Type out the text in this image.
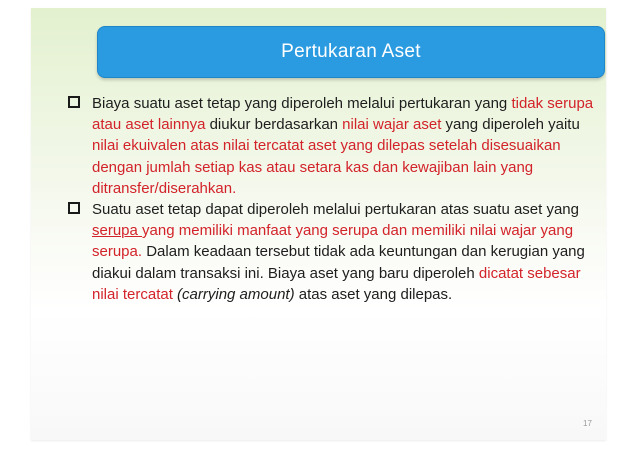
Pertukaran Aset
Biaya suatu aset tetap yang diperoleh melalui pertukaran yang tidak serupa atau aset lainnya diukur berdasarkan nilai wajar aset yang diperoleh yaitu nilai ekuivalen atas nilai tercatat aset yang dilepas setelah disesuaikan dengan jumlah setiap kas atau setara kas dan kewajiban lain yang ditransfer/diserahkan.
Suatu aset tetap dapat diperoleh melalui pertukaran atas suatu aset yang serupa yang memiliki manfaat yang serupa dan memiliki nilai wajar yang serupa. Dalam keadaan tersebut tidak ada keuntungan dan kerugian yang diakui dalam transaksi ini. Biaya aset yang baru diperoleh dicatat sebesar nilai tercatat (carrying amount) atas aset yang dilepas.
17
